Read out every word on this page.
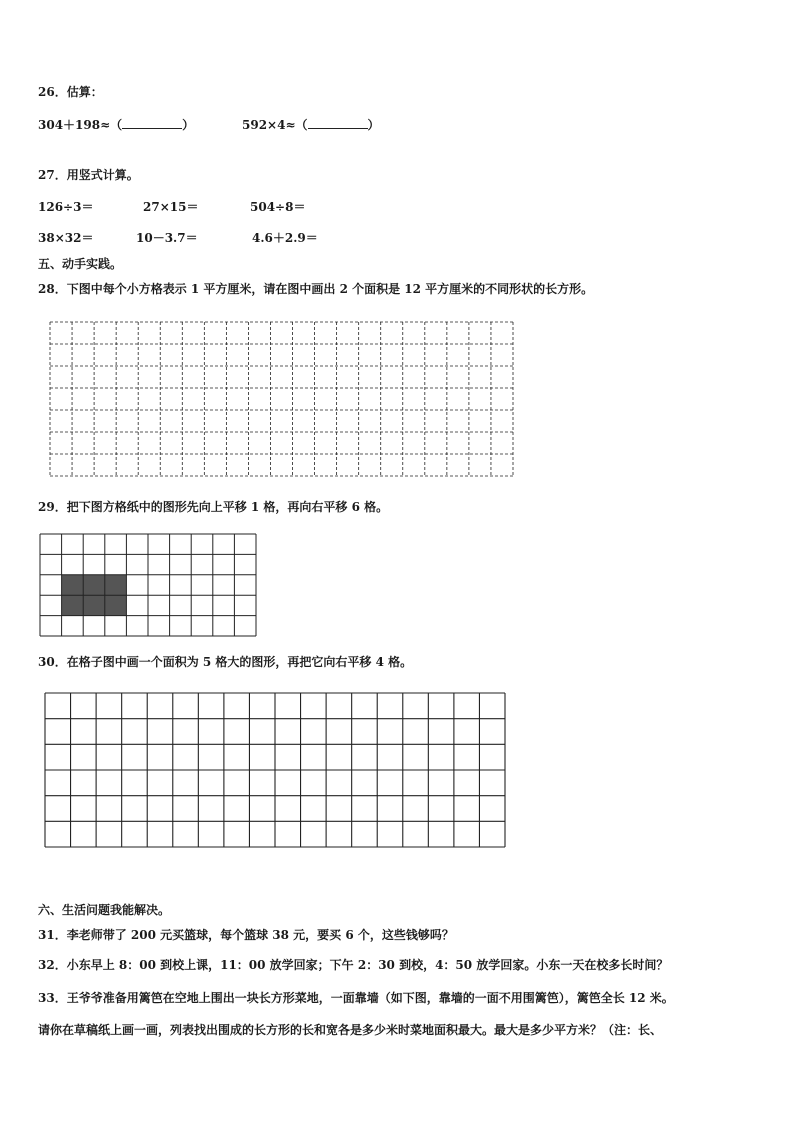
26．估算：
304＋198≈（	）	592×4≈（	）
27．用竖式计算。
126÷3＝	27×15＝	504÷8＝
38×32＝	10－3.7＝	4.6＋2.9＝
五、动手实践。
28．下图中每个小方格表示 1 平方厘米，请在图中画出 2 个面积是 12 平方厘米的不同形状的长方形。
29．把下图方格纸中的图形先向上平移 1 格，再向右平移 6 格。
30．在格子图中画一个面积为 5 格大的图形，再把它向右平移 4 格。
六、生活问题我能解决。
31．李老师带了 200 元买篮球，每个篮球 38 元，要买 6 个，这些钱够吗？
32．小东早上 8：00 到校上课，11：00 放学回家；下午 2：30 到校，4：50 放学回家。小东一天在校多长时间？
33．王爷爷准备用篱笆在空地上围出一块长方形菜地，一面靠墙（如下图，靠墙的一面不用围篱笆），篱笆全长 12 米。
请你在草稿纸上画一画，列表找出围成的长方形的长和宽各是多少米时菜地面积最大。最大是多少平方米？（注：长、
